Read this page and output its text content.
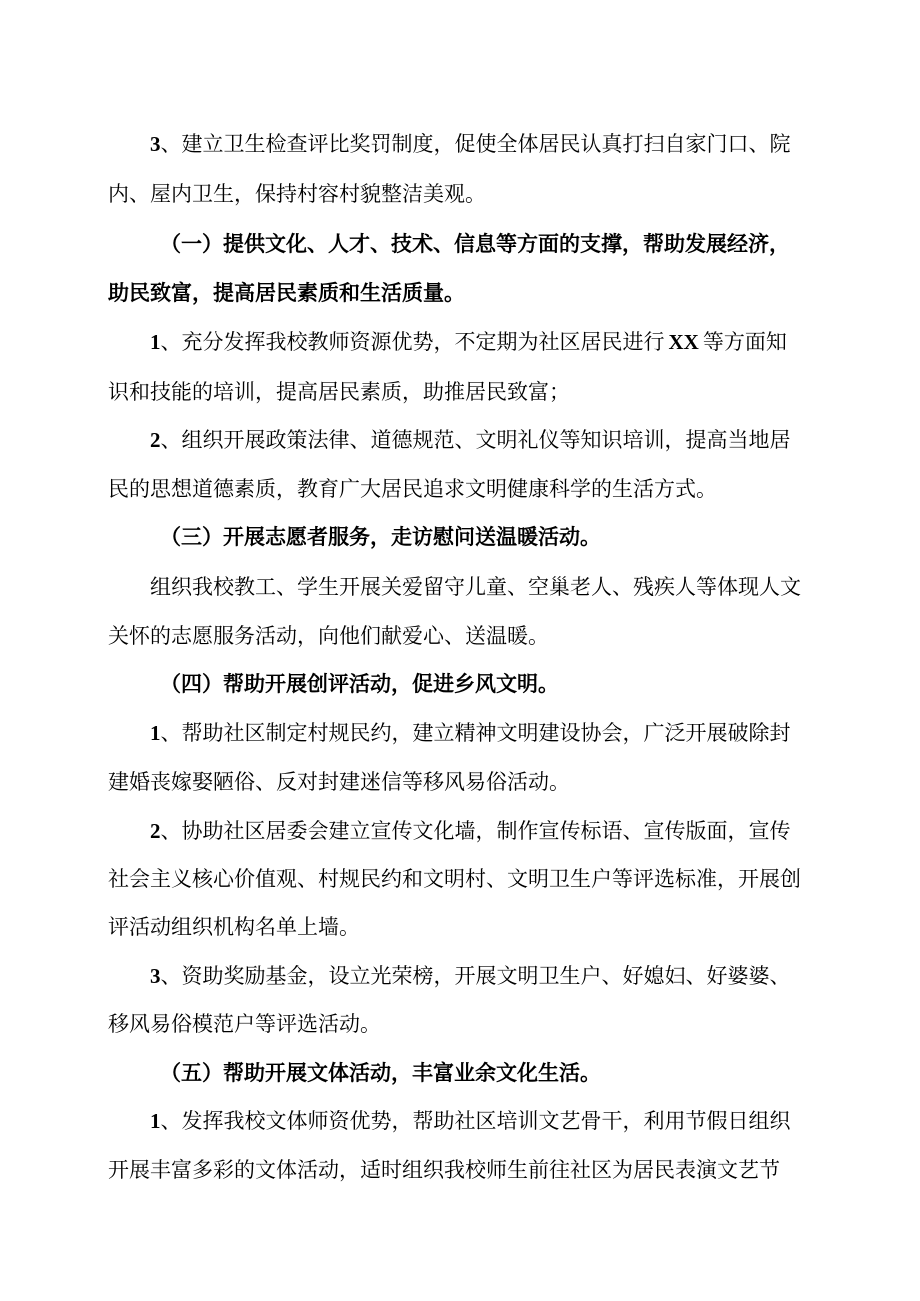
3、建立卫生检查评比奖罚制度，促使全体居民认真打扫自家门口、院

内、屋内卫生，保持村容村貌整洁美观。

（一）提供文化、人才、技术、信息等方面的支撑，帮助发展经济，

助民致富，提高居民素质和生活质量。

1、充分发挥我校教师资源优势，不定期为社区居民进行 XX 等方面知

识和技能的培训，提高居民素质，助推居民致富；

2、组织开展政策法律、道德规范、文明礼仪等知识培训，提高当地居

民的思想道德素质，教育广大居民追求文明健康科学的生活方式。

（三）开展志愿者服务，走访慰问送温暖活动。

组织我校教工、学生开展关爱留守儿童、空巢老人、残疾人等体现人文

关怀的志愿服务活动，向他们献爱心、送温暖。

（四）帮助开展创评活动，促进乡风文明。

1、帮助社区制定村规民约，建立精神文明建设协会，广泛开展破除封

建婚丧嫁娶陋俗、反对封建迷信等移风易俗活动。

2、协助社区居委会建立宣传文化墙，制作宣传标语、宣传版面，宣传

社会主义核心价值观、村规民约和文明村、文明卫生户等评选标准，开展创

评活动组织机构名单上墙。

3、资助奖励基金，设立光荣榜，开展文明卫生户、好媳妇、好婆婆、

移风易俗模范户等评选活动。

（五）帮助开展文体活动，丰富业余文化生活。

1、发挥我校文体师资优势，帮助社区培训文艺骨干，利用节假日组织

开展丰富多彩的文体活动，适时组织我校师生前往社区为居民表演文艺节
